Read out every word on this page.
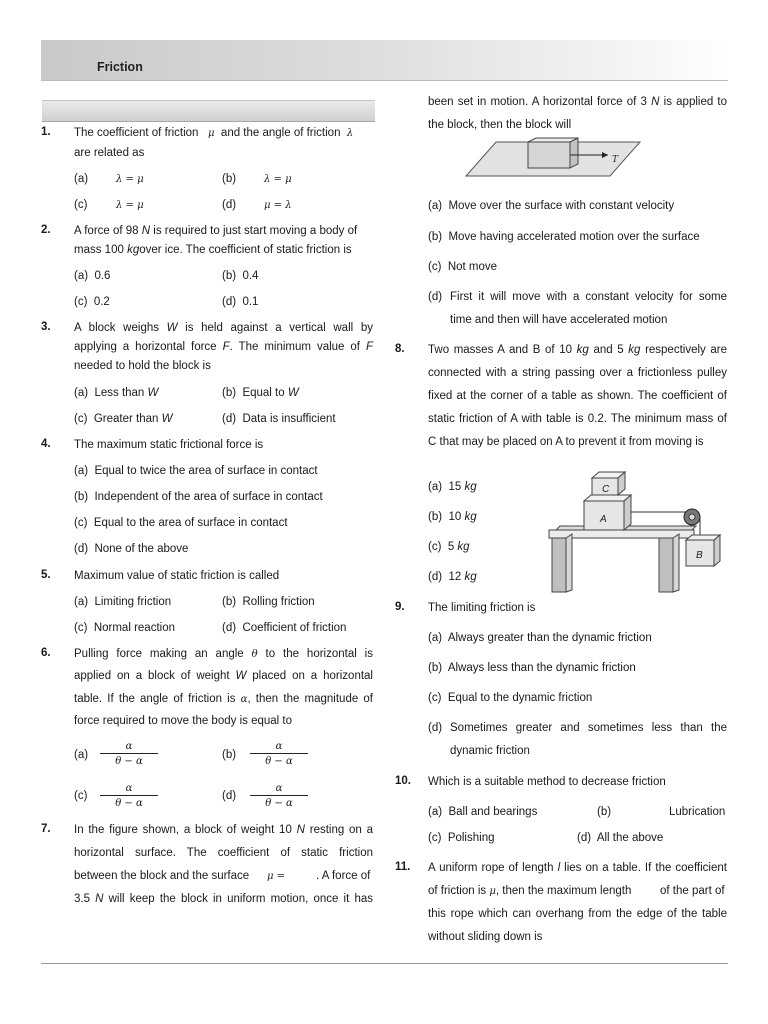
Friction
1. The coefficient of friction μ and the angle of friction λ
are related as
(a)	λ = μ	(b)	λ = μ
(c)	λ = μ	(d)	μ = λ
2. A force of 98 N is required to just start moving a body of
mass 100 kgover ice. The coefficient of static friction is
(a) 0.6	(b) 0.4
(c) 0.2	(d) 0.1
3. A block weighs W is held against a vertical wall by
applying a horizontal force F. The minimum value of F
needed to hold the block is
(a) Less than W	(b) Equal to W
(c) Greater than W	(d) Data is insufficient
4. The maximum static frictional force is
(a) Equal to twice the area of surface in contact
(b) Independent of the area of surface in contact
(c) Equal to the area of surface in contact
(d) None of the above
5. Maximum value of static friction is called
(a) Limiting friction	(b) Rolling friction
(c) Normal reaction	(d) Coefficient of friction
6. Pulling force making an angle θ to the horizontal is
applied on a block of weight W placed on a horizontal
table. If the angle of friction is α, then the magnitude of
force required to move the body is equal to
$(a) \frac{\alpha}{\theta - \alpha}$	$(b) \frac{\alpha}{\theta - \alpha}$
$(c) \frac{\alpha}{\theta - \alpha}$	$(d) \frac{\alpha}{\theta - \alpha}$
7. In the figure shown, a block of weight 10 N resting on a
horizontal surface. The coefficient of static friction
between the block and the surface μ =	. A force of
3.5 N will keep the block in uniform motion, once it has
been set in motion. A horizontal force of 3 N is applied to
the block, then the block will
T
(a) Move over the surface with constant velocity
(b) Move having accelerated motion over the surface
(c) Not move
(d) First it will move with a constant velocity for some
time and then will have accelerated motion
8. Two masses A and B of 10 kg and 5 kg respectively are
connected with a string passing over a frictionless pulley
fixed at the corner of a table as shown. The coefficient of
static friction of A with table is 0.2. The minimum mass of
C that may be placed on A to prevent it from moving is
(a) 15 kg
(b) 10 kg
(c) 5 kg
(d) 12 kg
A
C
B
9. The limiting friction is
(a) Always greater than the dynamic friction
(b) Always less than the dynamic friction
(c) Equal to the dynamic friction
(d) Sometimes greater and sometimes less than the
dynamic friction
10. Which is a suitable method to decrease friction
(a) Ball and bearings	(b)	Lubrication
(c) Polishing	(d) All the above
11. A uniform rope of length l lies on a table. If the coefficient
of friction is μ, then the maximum length of the part of
this rope which can overhang from the edge of the table
without sliding down is
